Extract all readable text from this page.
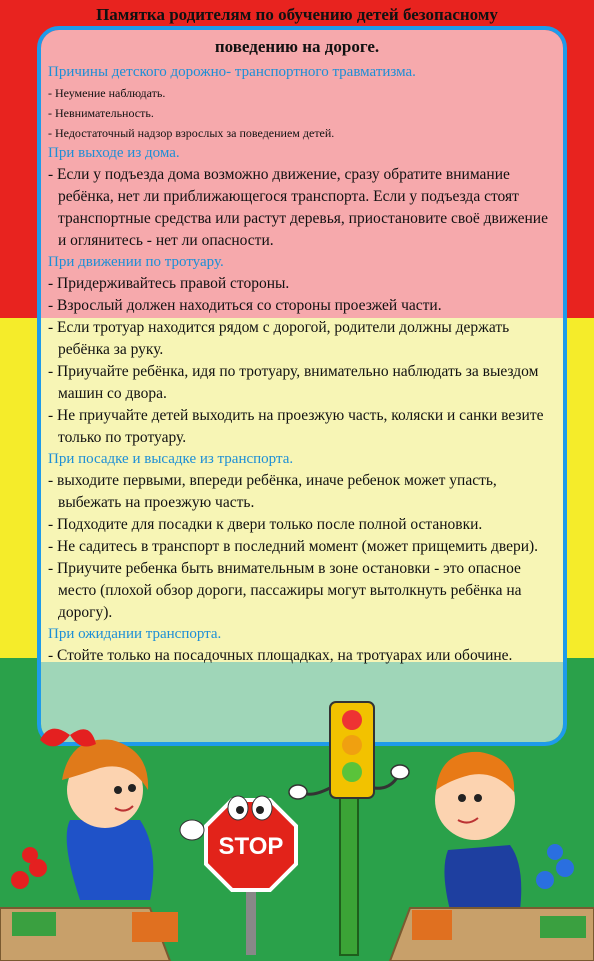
Памятка родителям по обучению детей безопасному
поведению на дороге.
Причины детского дорожно- транспортного травматизма.
- Неумение наблюдать.
- Невнимательность.
- Недостаточный надзор взрослых за поведением детей.
При выходе из дома.
- Если у подъезда дома возможно движение, сразу обратите внимание ребёнка, нет ли приближающегося транспорта. Если у подъезда стоят транспортные средства или растут деревья, приостановите своё движение и оглянитесь - нет ли опасности.
При движении по тротуару.
- Придерживайтесь правой стороны.
- Взрослый должен находиться со стороны проезжей части.
- Если тротуар находится рядом с дорогой, родители должны держать ребёнка за руку.
- Приучайте ребёнка, идя по тротуару, внимательно наблюдать за выездом машин со двора.
- Не приучайте детей выходить на проезжую часть, коляски и санки везите только по тротуару.
При посадке и высадке из транспорта.
- выходите первыми, впереди ребёнка, иначе ребенок может упасть, выбежать на проезжую часть.
- Подходите для посадки к двери только после полной остановки.
- Не садитесь в транспорт в последний момент (может прищемить двери).
- Приучите ребенка быть внимательным в зоне остановки - это опасное место (плохой обзор дороги, пассажиры могут вытолкнуть ребёнка на дорогу).
При ожидании транспорта.
- Стойте только на посадочных площадках, на тротуарах или обочине.
STOP
